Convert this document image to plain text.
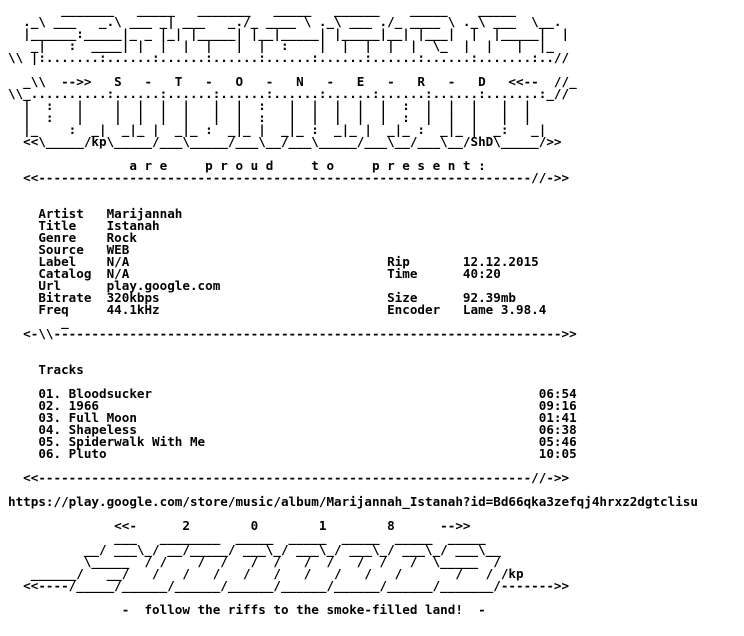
_______   _____   _______   _____   ______    _____    _____
._\ ___   _.\ ___ _| ___   _./_ ____ \ ._\ ___ ./_ ____ \ ._\ ___  \__.
|______:_____|_ _ |_| |_____| |__|_____| |_____|__| |___|  |  |_____|  |
_|   :  ____| |  |  |  |   |  |  :    |  |  |  |  |  \_  |  |   |  |_
\\ |:.......:......:......:......:......:......:......:......:.......:..//

_\\  -->>   S   -   T   -   O   -   N   -   E   -   R   -   D   <<--  //_
\\_..........:......:......:......:......:......:......:......:.......:_//
|  :   |    |  |  |  |   |  |  :   |  |  |  |  |  :  |  |  |   |  |
|  :   |    |  |  |  |   |  |  :   |  |  |  |  |  :  |  |  |   |  |
|_    :  _|  _|_ |  _|_ :  _|_ |  _|_ :  _|_ |  _|_ :  _|_ |  _:   _|
<<\_____/kp\_____/___\_____/___\__/___\_____/___\__/___\__/ShD\_____/>>

a r e     p r o u d     t o     p r e s e n t :
<<-----------------------------------------------------------------//->>

Artist   Marijannah
Title    Istanah
Genre    Rock
Source   WEB
Label    N/A                                  Rip       12.12.2015
Catalog  N/A                                  Time      40:20
Url      play.google.com
Bitrate  320kbps                              Size      92.39mb
Freq     44.1kHz                              Encoder   Lame 3.98.4
_
<-\\------------------------------------------------------------------->>

Tracks

01. Bloodsucker                                                   06:54
02. 1966                                                          09:16
03. Full Moon                                                     01:41
04. Shapeless                                                     06:38
05. Spiderwalk With Me                                            05:46
06. Pluto                                                         10:05

<<-----------------------------------------------------------------//->>

https://play.google.com/store/music/album/Marijannah_Istanah?id=Bd66qka3zefqj4hrxz2dgtclisu

<<-      2        0        1        8      -->>
___   ________  _____  _____  _____  _____  _____
__/ ___\_/ __/_____/ ___\_/ ___\_/ ___\_/ ___\_/ ___\__
\_____  / /    /  /   /  /   /  /   /  /   /  \_____  /
______/   __/   /   /   /   /   /   /   /   /   /       /   / /kp
<<----/_____/______/______/______/______/______/______/_______/------->>

-  follow the riffs to the smoke-filled land!  -
